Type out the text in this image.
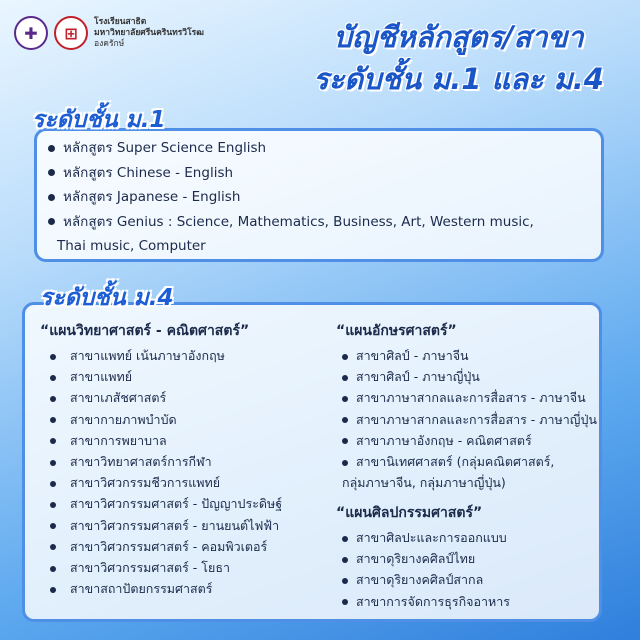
✚	⊞
โรงเรียนสาธิต
มหาวิทยาลัยศรีนครินทรวิโรฒ
องครักษ์	บัญชีหลักสูตร/สาขา
ระดับชั้น ม.1 และ ม.4
ระดับชั้น ม.1
หลักสูตร Super Science English
หลักสูตร Chinese - English
หลักสูตร Japanese - English
หลักสูตร Genius : Science, Mathematics, Business, Art, Western music,
Thai music, Computer
ระดับชั้น ม.4
“แผนวิทยาศาสตร์ - คณิตศาสตร์”
สาขาแพทย์ เน้นภาษาอังกฤษ
สาขาแพทย์
สาขาเภสัชศาสตร์
สาขากายภาพบำบัด
สาขาการพยาบาล
สาขาวิทยาศาสตร์การกีฬา
สาขาวิศวกรรมชีวการแพทย์
สาขาวิศวกรรมศาสตร์ - ปัญญาประดิษฐ์
สาขาวิศวกรรมศาสตร์ - ยานยนต์ไฟฟ้า
สาขาวิศวกรรมศาสตร์ - คอมพิวเตอร์
สาขาวิศวกรรมศาสตร์ - โยธา
สาขาสถาปัตยกรรมศาสตร์
“แผนอักษรศาสตร์”
สาขาศิลป์ - ภาษาจีน
สาขาศิลป์ - ภาษาญี่ปุ่น
สาขาภาษาสากลและการสื่อสาร - ภาษาจีน
สาขาภาษาสากลและการสื่อสาร - ภาษาญี่ปุ่น
สาขาภาษาอังกฤษ - คณิตศาสตร์
สาขานิเทศศาสตร์ (กลุ่มคณิตศาสตร์,
กลุ่มภาษาจีน, กลุ่มภาษาญี่ปุ่น)
“แผนศิลปกรรมศาสตร์”
สาขาศิลปะและการออกแบบ
สาขาดุริยางคศิลป์ไทย
สาขาดุริยางคศิลป์สากล
สาขาการจัดการธุรกิจอาหาร
